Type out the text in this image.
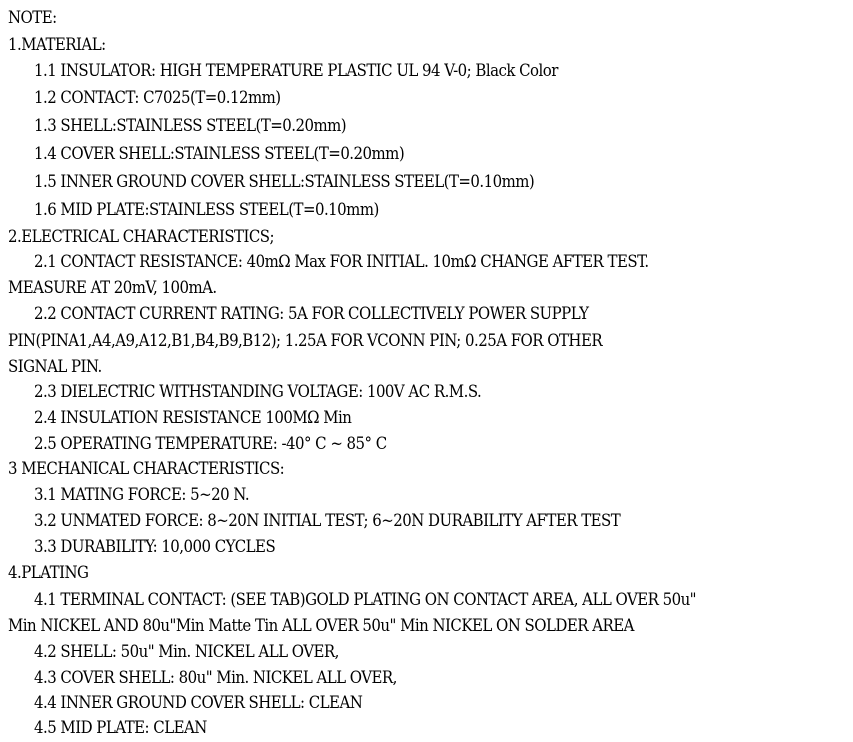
NOTE:
1.MATERIAL:
1.1 INSULATOR: HIGH TEMPERATURE PLASTIC UL 94 V-0; Black Color
1.2 CONTACT: C7025(T=0.12mm)
1.3 SHELL:STAINLESS STEEL(T=0.20mm)
1.4 COVER SHELL:STAINLESS STEEL(T=0.20mm)
1.5 INNER GROUND COVER SHELL:STAINLESS STEEL(T=0.10mm)
1.6 MID PLATE:STAINLESS STEEL(T=0.10mm)
2.ELECTRICAL CHARACTERISTICS;
2.1 CONTACT RESISTANCE: 40mΩ Max FOR INITIAL. 10mΩ CHANGE AFTER TEST.
MEASURE AT 20mV, 100mA.
2.2 CONTACT CURRENT RATING: 5A FOR COLLECTIVELY POWER SUPPLY
PIN(PINA1,A4,A9,A12,B1,B4,B9,B12); 1.25A FOR VCONN PIN; 0.25A FOR OTHER
SIGNAL PIN.
2.3 DIELECTRIC WITHSTANDING VOLTAGE: 100V AC R.M.S.
2.4 INSULATION RESISTANCE 100MΩ Min
2.5 OPERATING TEMPERATURE: -40° C ~ 85° C
3 MECHANICAL CHARACTERISTICS:
3.1 MATING FORCE: 5~20 N.
3.2 UNMATED FORCE: 8~20N INITIAL TEST; 6~20N DURABILITY AFTER TEST
3.3 DURABILITY: 10,000 CYCLES
4.PLATING
4.1 TERMINAL CONTACT: (SEE TAB)GOLD PLATING ON CONTACT AREA, ALL OVER 50u"
Min NICKEL AND 80u"Min Matte Tin ALL OVER 50u" Min NICKEL ON SOLDER AREA
4.2 SHELL: 50u" Min. NICKEL ALL OVER,
4.3 COVER SHELL: 80u" Min. NICKEL ALL OVER,
4.4 INNER GROUND COVER SHELL: CLEAN
4.5 MID PLATE: CLEAN
